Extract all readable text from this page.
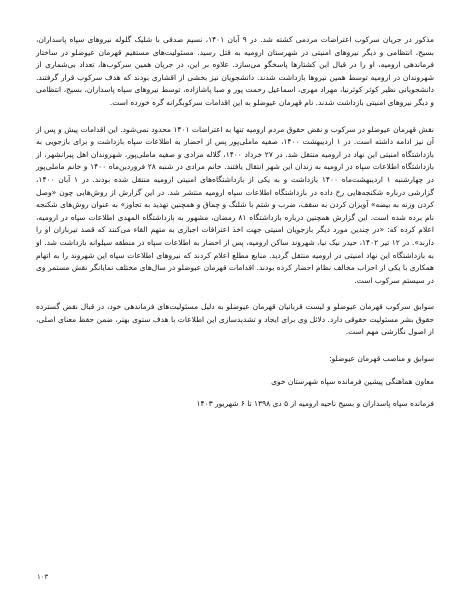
مذکور در جریان سرکوب اعتراضات مردمی کشته شد. در ۹ آبان ۱۴۰۱، نسیم صدقی با شلیک گلوله نیروهای سپاه پاسداران، بسیج، انتظامی و دیگر نیروهای امنیتی در شهرستان ارومیه به قتل رسید. مسئولیت‌های مستقیم قهرمان عیوضلو در ساختار فرماندهی ارومیه، او را در قبال این کشتارها پاسخگو می‌سازد. علاوه بر این، در جریان همین سرکوب‌ها، تعداد بی‌شماری از شهروندان در ارومیه توسط همین نیروها بازداشت شدند. دانشجویان نیز بخشی از اقشاری بودند که هدف سرکوب قرار گرفتند. دانشجویانی نظیر کوثر کوثرنیا، مهراد مهری، اسماعیل رحمت پور و صبا پاشازاده، توسط نیروهای سپاه پاسداران، بسیج، انتظامی و دیگر نیروهای امنیتی بازداشت شدند. نام قهرمان عیوضلو به این اقدامات سرکوبگرانه گره خورده است.

نقش قهرمان عیوضلو در سرکوب و نقض حقوق مردم ارومیه تنها به اعتراضات ۱۴۰۱ محدود نمی‌شود. این اقدامات پیش و پس از آن نیز ادامه داشته است. در ۱ اردیبهشت ۱۴۰۰، صفیه ماملی‌پور پس از احضار به اطلاعات سپاه بازداشت و برای بازجویی به بازداشتگاه امنیتی این نهاد در ارومیه منتقل شد. در ۲۷ خرداد ۱۴۰۰، گلاله مرادی و صفیه ماملی‌پور، شهروندان اهل پیرانشهر، از بازداشتگاه اطلاعات سپاه در ارومیه به زندان این شهر انتقال یافتند. خانم مرادی در شنبه ۲۸ فروردین‌ماه ۱۴۰۰ و خانم ماملی‌پور در چهارشنبه ۱ اردیبهشت‌ماه ۱۴۰۰ بازداشت و به یکی از بازداشتگاه‌های امنیتی ارومیه منتقل شده بودند. در ۱ آبان ۱۴۰۰، گزارشی درباره شکنجه‌هایی رخ داده در بازداشتگاه اطلاعات سپاه ارومیه منتشر شد. در این گزارش از روش‌هایی چون «وصل کردن وزنه به بیضه» آویزان کردن به سقف، ضرب و شتم با شلنگ و چماق و همچنین تهدید به تجاوز» به عنوان روش‌های شکنجه نام برده شده است. این گزارش همچنین درباره بازداشتگاه ۸۱ رمضان، مشهور به بازداشتگاه المهدی اطلاعات سپاه در ارومیه، اعلام کرده که: «در چندین مورد دیگر بازجویان امنیتی جهت اخذ اعترافات اجباری به متهم القاء می‌کنند که قصد تیرباران او را دارند». در ۱۲ تیر ۱۴۰۲، حیدر نیک نیا، شهروند ساکن ارومیه، پس از احضار به اطلاعات سپاه در منطقه سیلوانه بازداشت شد. او به بازداشتگاه این نهاد امنیتی در ارومیه منتقل گردید. منابع مطلع اعلام کردند که نیروهای اطلاعات سپاه این شهروند را به اتهام همکاری با یکی از احزاب مخالف نظام احضار کرده بودند. اقدامات قهرمان عیوضلو در سال‌های مختلف نمایانگر نقش مستمر وی در سیستم سرکوب است.

سوابق سرکوب قهرمان عیوضلو و لیست قربانیان قهرمان عیوضلو به دلیل مسئولیت‌های فرماندهی خود، در قبال نقض گسترده حقوق بشر مسئولیت حقوقی دارد. دلائل وی برای ایجاد و تشدیدسازی این اطلاعات با هدف ستوی بهتر، ضمن حفظ معنای اصلی، از اصول نگارشی مهم است.

سوابق و مناصب قهرمان عیوضلو:

معاون هماهنگی پیشین فرمانده سپاه شهرستان خوی

فرمانده سپاه پاسداران و بسیج ناحیه ارومیه از ۵ دی ۱۳۹۸ تا ۶ شهریور ۱۴۰۳

۱۰۳
